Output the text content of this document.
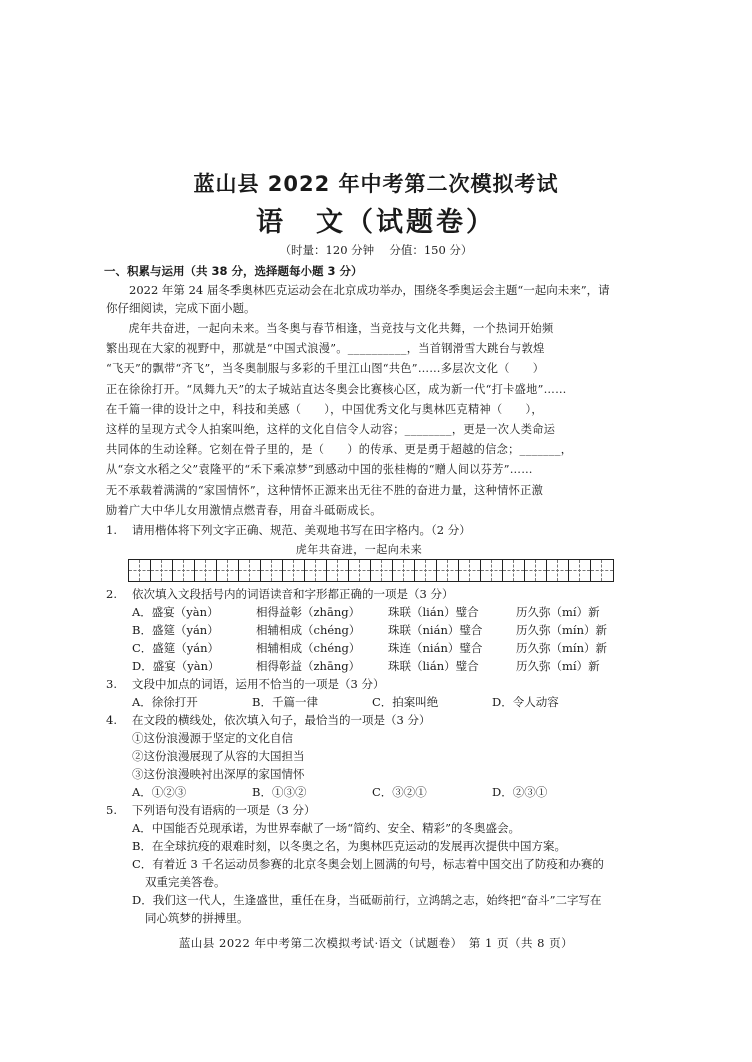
蓝山县 2022 年中考第二次模拟考试
语　文（试题卷）
（时量：120 分钟　 分值：150 分）
一、积累与运用（共 38 分，选择题每小题 3 分）
2022 年第 24 届冬季奥林匹克运动会在北京成功举办，围绕冬季奥运会主题“一起向未来”，请你仔细阅读，完成下面小题。
虎年共奋进，一起向未来。当冬奥与春节相逢，当竞技与文化共舞，一个热词开始频
繁出现在大家的视野中，那就是“中国式浪漫”。__________，当首钢滑雪大跳台与敦煌
“飞天”的飘带“齐飞”，当冬奥制服与多彩的千里江山图“共色”……多层次文化（　　）
正在徐徐打开。“凤舞九天”的太子城站直达冬奥会比赛核心区，成为新一代“打卡盛地”……
在千篇一律的设计之中，科技和美感（　　），中国优秀文化与奥林匹克精神（　　），
这样的呈现方式令人拍案叫绝，这样的文化自信令人动容；________，更是一次人类命运
共同体的生动诠释。它刻在骨子里的，是（　　）的传承、更是勇于超越的信念；_______，
从“奈文水稻之父”袁隆平的“禾下乘凉梦”到感动中国的张桂梅的“赠人间以芬芳”……
无不承载着满满的“家国情怀”，这种情怀正源来出无往不胜的奋进力量，这种情怀正激
励着广大中华儿女用激情点燃青春，用奋斗砥砺成长。
1. 请用楷体将下列文字正确、规范、美观地书写在田字格内。（2 分）
虎年共奋进，一起向未来
2. 依次填入文段括号内的词语读音和字形都正确的一项是（3 分）
A．盛宴（yàn）	相得益彰（zhāng）	珠联（lián）璧合	历久弥（mí）新
B．盛筵（yán）	相辅相成（chéng）	珠联（nián）璧合	历久弥（mín）新
C．盛筵（yán）	相辅相成（chéng）	珠连（nián）璧合	历久弥（mín）新
D．盛宴（yàn）	相得彰益（zhāng）	珠联（lián）璧合	历久弥（mí）新
3. 文段中加点的词语，运用不恰当的一项是（3 分）
A．徐徐打开	B．千篇一律	C．拍案叫绝	D．令人动容
4. 在文段的横线处，依次填入句子，最恰当的一项是（3 分）
①这份浪漫源于坚定的文化自信
②这份浪漫展现了从容的大国担当
③这份浪漫映衬出深厚的家国情怀
A．①②③	B．①③②	C．③②①	D．②③①
5. 下列语句没有语病的一项是（3 分）
A．中国能否兑现承诺，为世界奉献了一场“简约、安全、精彩”的冬奥盛会。
B．在全球抗疫的艰难时刻，以冬奥之名，为奥林匹克运动的发展再次提供中国方案。
C．有着近 3 千名运动员参赛的北京冬奥会划上圆满的句号，标志着中国交出了防疫和办赛的双重完美答卷。
D．我们这一代人，生逢盛世，重任在身，当砥砺前行，立鸿鹄之志，始终把“奋斗”二字写在同心筑梦的拼搏里。
蓝山县 2022 年中考第二次模拟考试·语文（试题卷）　第 1 页（共 8 页）
